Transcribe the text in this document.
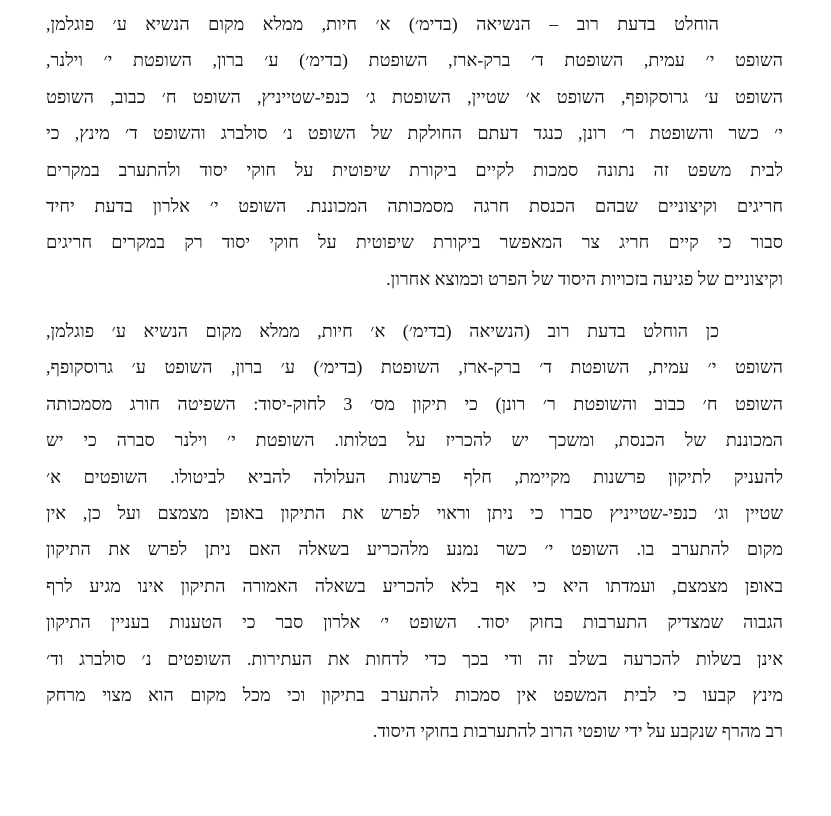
הוחלט בדעת רוב – הנשיאה (בדימ׳) א׳ חיות, ממלא מקום הנשיא ע׳ פוגלמן,
השופט י׳ עמית, השופטת ד׳ ברק-ארז, השופטת (בדימ׳) ע׳ ברון, השופטת י׳ וילנר,
השופט ע׳ גרוסקופף, השופט א׳ שטיין, השופטת ג׳ כנפי-שטייניץ, השופט ח׳ כבוב, השופט
י׳ כשר והשופטת ר׳ רונן, כנגד דעתם החולקת של השופט נ׳ סולברג והשופט ד׳ מינץ, כי
לבית משפט זה נתונה סמכות לקיים ביקורת שיפוטית על חוקי יסוד ולהתערב במקרים
חריגים וקיצוניים שבהם הכנסת חרגה מסמכותה המכוננת. השופט י׳ אלרון בדעת יחיד
סבור כי קיים חריג צר המאפשר ביקורת שיפוטית על חוקי יסוד רק במקרים חריגים
וקיצוניים של פגיעה בזכויות היסוד של הפרט וכמוצא אחרון.
כן הוחלט בדעת רוב (הנשיאה (בדימ׳) א׳ חיות, ממלא מקום הנשיא ע׳ פוגלמן,
השופט י׳ עמית, השופטת ד׳ ברק-ארז, השופטת (בדימ׳) ע׳ ברון, השופט ע׳ גרוסקופף,
השופט ח׳ כבוב והשופטת ר׳ רונן) כי תיקון מס׳ 3 לחוק-יסוד: השפיטה חורג מסמכותה
המכוננת של הכנסת, ומשכך יש להכריז על בטלותו. השופטת י׳ וילנר סברה כי יש
להעניק לתיקון פרשנות מקיימת, חלף פרשנות העלולה להביא לביטולו. השופטים א׳
שטיין וג׳ כנפי-שטייניץ סברו כי ניתן וראוי לפרש את התיקון באופן מצמצם ועל כן, אין
מקום להתערב בו. השופט י׳ כשר נמנע מלהכריע בשאלה האם ניתן לפרש את התיקון
באופן מצמצם, ועמדתו היא כי אף בלא להכריע בשאלה האמורה התיקון אינו מגיע לרף
הגבוה שמצדיק התערבות בחוק יסוד. השופט י׳ אלרון סבר כי הטענות בעניין התיקון
אינן בשלות להכרעה בשלב זה ודי בכך כדי לדחות את העתירות. השופטים נ׳ סולברג וד׳
מינץ קבעו כי לבית המשפט אין סמכות להתערב בתיקון וכי מכל מקום הוא מצוי מרחק
רב מהרף שנקבע על ידי שופטי הרוב להתערבות בחוקי היסוד.
